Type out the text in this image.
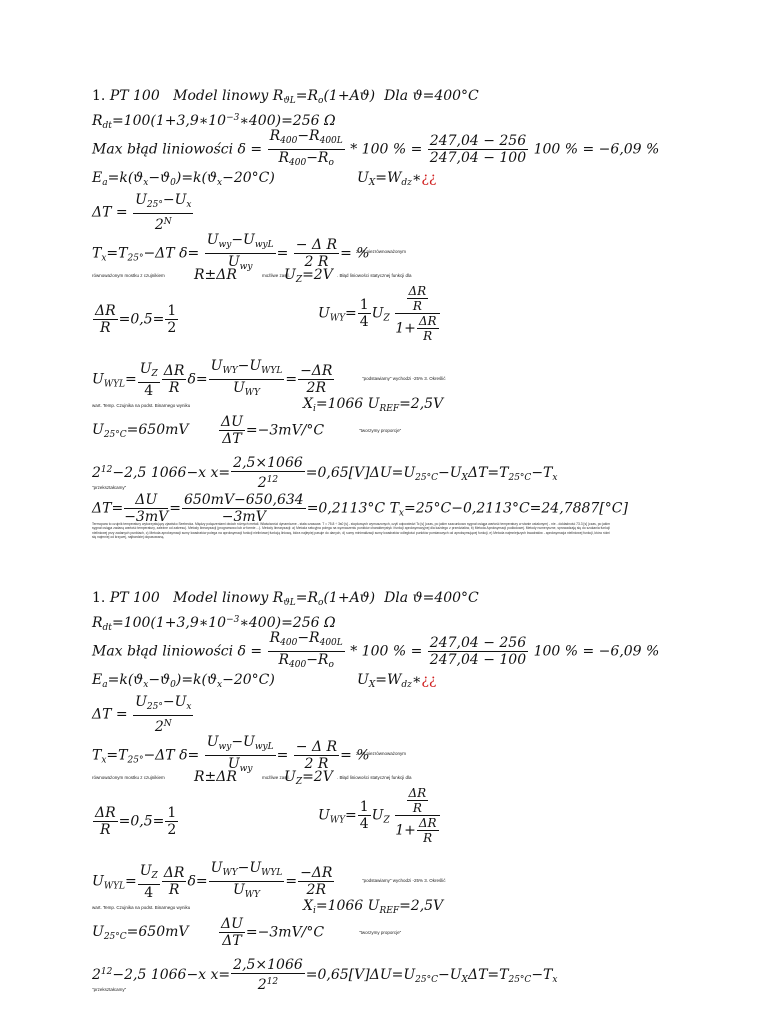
1. PT 100 Model linowy $R_{ϑL}=R_o(1+Aϑ)$  Dla ϑ=400°C
$R_{dt}=100(1+3,9∗10^{-3}∗400)=256$ Ω
Max błąd liniowości $\delta = \frac{R_{400}-R_{400L}}{R_{400}-R_o} * 100$ % = $\frac{247,04 - 256}{247,04 - 100} 100$ % = −6,09 %
$E_a=k(ϑ_x-ϑ_0)=k(ϑ_x-20^\circ C)$	$U_X=W_{dz}∗¿¿$
$\Delta T = \frac{U_{25^\circ}-U_x}{2^N}$
$T_x=T_{25^\circ}-\Delta T$ $\delta= \frac{U_{wy}-U_{wyL}}{U_{wy}} = \frac{\text{− Δ R}}{2 R}$ = %
2. W niezrównoważonym
równoważonym mostku z czujnikiem R±ΔR	możliwe zasil.
$U_Z=2V$ . Błąd liniowości statycznej funkcji dla
$\frac{\Delta R}{R} =0,5= \frac{1}{2}$	$U_{WY}= \frac{1}{4} U_Z \frac{\frac{\Delta R}{R}}{1+ \frac{\Delta R}{R}}$
$U_{WYL}= \frac{U_Z}{4} \frac{\Delta R}{R} \delta= \frac{U_{WY}-U_{WYL}}{U_{WY}} = \frac{-\Delta R}{2R}$	"podstawiamy" wychodzi -25% 3. Określić
wart. Temp. Czujnika na podst. Binarnego wyniku	$X_i=1066$ $U_{REF}=2,5V$
$U_{25^\circ C}=650mV \frac{\Delta U}{\Delta T} =-3mV/^\circ C$	"tworzymy proporcje"
$2^{12}-2,5$ 1066−x $x= \frac{2,5\times 1066}{2^{12}} =0,65[V]\Delta U=U_{25^\circ C}-U_X\Delta T=T_{25^\circ C}-T_x$
"przekształcamy"
$\Delta T= \frac{\Delta U}{-3mV} = \frac{650mV-650,634}{-3mV} =0,2113^\circ C$ $T_x=25^\circ C-0,2113^\circ C=24,7887[^\circ C]$
Termopara to czujnik temperatury wykorzystujący zjawisko Seebecka. Między połączeniami dwóch różnych metali. Właściwości dynamiczne - stała czasowa: T = 75.8 ÷ 3s0 [s] - stopkowych wymuszonych, czyli odpowiedzi Tc [s] (czas, po jakim szacunkowo sygnał osiąga wartość temperatury w stanie ustalonym) - nie - dokładność 73.3 [s] (czas, po jakim sygnał osiąga zadaną wartość temperatury, zależne od zakresu). Metody linearyzacji (programowo lub w formie ...). Metody linearyzacji: a) Metoda sekcyjna polega na wyznaczeniu punktów charakterystyk i funkcji aproksymacyjnej dla każdego z przedziałów, b) Metoda Aproksymacji podłodowej. Metody numeryczne, sprowadzają się do szukania funkcji nieliniowej przy zadanych punktach, c) Metoda aproksymacji sumy kwadratów polega na aproksymacji funkcji nieliniowej funkcją liniową, która najlepiej pasuje do danych, d) sumy minimalizacji sumy kwadratów odległości punktów pomiarowych od aproksymującej funkcji, e) Metoda najmniejszych kwadratów - aproksymacja nieliniowej funkcji, która różni się najmniej od krzywej, najbardziej dopasowaną.
1. PT 100 Model linowy $R_{ϑL}=R_o(1+Aϑ)$  Dla ϑ=400°C
$R_{dt}=100(1+3,9∗10^{-3}∗400)=256$ Ω
Max błąd liniowości $\delta = \frac{R_{400}-R_{400L}}{R_{400}-R_o} * 100$ % = $\frac{247,04 - 256}{247,04 - 100} 100$ % = −6,09 %
$E_a=k(ϑ_x-ϑ_0)=k(ϑ_x-20^\circ C)$	$U_X=W_{dz}∗¿¿$
$\Delta T = \frac{U_{25^\circ}-U_x}{2^N}$
$T_x=T_{25^\circ}-\Delta T$ $\delta= \frac{U_{wy}-U_{wyL}}{U_{wy}} = \frac{\text{− Δ R}}{2 R}$ = %
2. W niezrównoważonym
równoważonym mostku z czujnikiem R±ΔR	możliwe zasil.
$U_Z=2V$ . Błąd liniowości statycznej funkcji dla
$\frac{\Delta R}{R} =0,5= \frac{1}{2}$	$U_{WY}= \frac{1}{4} U_Z \frac{\frac{\Delta R}{R}}{1+ \frac{\Delta R}{R}}$
$U_{WYL}= \frac{U_Z}{4} \frac{\Delta R}{R} \delta= \frac{U_{WY}-U_{WYL}}{U_{WY}} = \frac{-\Delta R}{2R}$	"podstawiamy" wychodzi -25% 3. Określić
wart. Temp. Czujnika na podst. Binarnego wyniku	$X_i=1066$ $U_{REF}=2,5V$
$U_{25^\circ C}=650mV \frac{\Delta U}{\Delta T} =-3mV/^\circ C$	"tworzymy proporcje"
$2^{12}-2,5$ 1066−x $x= \frac{2,5\times 1066}{2^{12}} =0,65[V]\Delta U=U_{25^\circ C}-U_X\Delta T=T_{25^\circ C}-T_x$
"przekształcamy"
